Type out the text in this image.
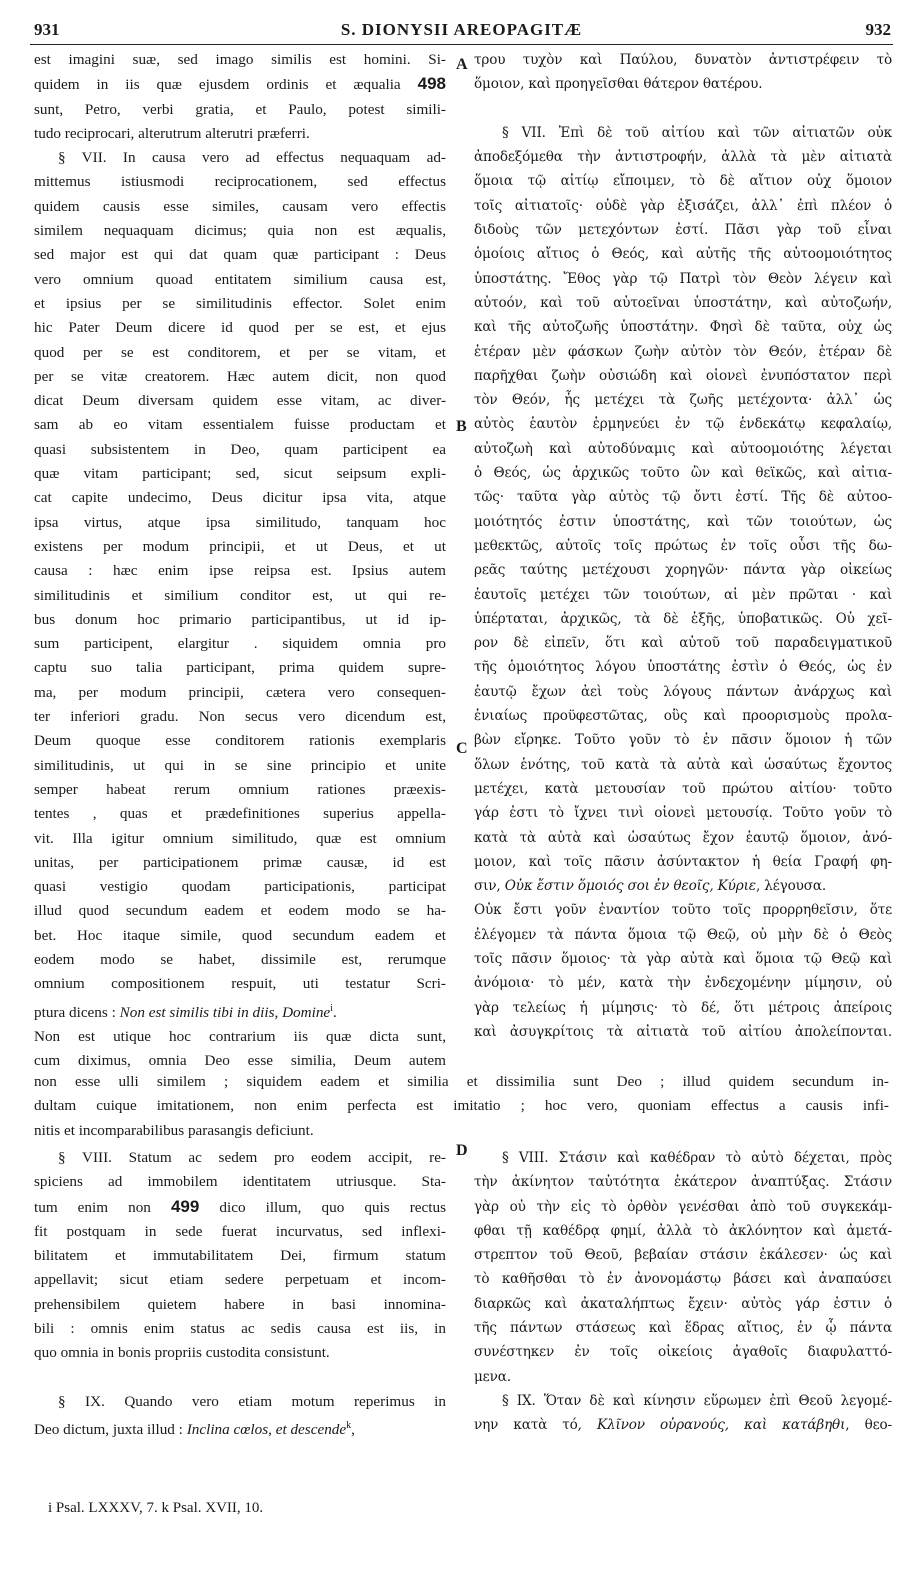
931	S. DIONYSII AREOPAGITÆ	932
A
B
C
D

est imagini suæ, sed imago similis est homini. Si-

quidem in iis quæ ejusdem ordinis et æqualia 498

sunt, Petro, verbi gratia, et Paulo, potest simili-

tudo reciprocari, alterutrum alterutri præferri.

§ VII. In causa vero ad effectus nequaquam ad-

mittemus istiusmodi reciprocationem, sed effectus

quidem causis esse similes, causam vero effectis

similem nequaquam dicimus; quia non est æqualis,

sed major est qui dat quam quæ participant : Deus

vero omnium quoad entitatem similium causa est,

et ipsius per se similitudinis effector. Solet enim

hic Pater Deum dicere id quod per se est, et ejus

quod per se est conditorem, et per se vitam, et

per se vitæ creatorem. Hæc autem dicit, non quod

dicat Deum diversam quidem esse vitam, ac diver-

sam ab eo vitam essentialem fuisse productam et

quasi subsistentem in Deo, quam participent ea

quæ vitam participant; sed, sicut seipsum expli-

cat capite undecimo, Deus dicitur ipsa vita, atque

ipsa virtus, atque ipsa similitudo, tanquam hoc

existens per modum principii, et ut Deus, et ut

causa : hæc enim ipse reipsa est. Ipsius autem

similitudinis et similium conditor est, ut qui re-

bus donum hoc primario participantibus, ut id ip-

sum participent, elargitur . siquidem omnia pro

captu suo talia participant, prima quidem supre-

ma, per modum principii, cætera vero consequen-

ter inferiori gradu. Non secus vero dicendum est,

Deum quoque esse conditorem rationis exemplaris

similitudinis, ut qui in se sine principio et unite

semper habeat rerum omnium rationes præexis-

tentes , quas et prædefinitiones superius appella-

vit. Illa igitur omnium similitudo, quæ est omnium

unitas, per participationem primæ causæ, id est

quasi vestigio quodam participationis, participat

illud quod secundum eadem et eodem modo se ha-

bet. Hoc itaque simile, quod secundum eadem et

eodem modo se habet, dissimile est, rerumque

omnium compositionem respuit, uti testatur Scri-

ptura dicens : Non est similis tibi in diis, Domine$^i$.

Non est utique hoc contrarium iis quæ dicta sunt,

cum diximus, omnia Deo esse similia, Deum autem

τρου τυχὸν καὶ Παύλου, δυνατὸν ἀντιστρέφειν τὸ

ὅμοιον, καὶ προηγεῖσθαι θάτερον θατέρου.

§ VII. Ἐπὶ δὲ τοῦ αἰτίου καὶ τῶν αἰτιατῶν οὐκ

ἀποδεξόμεθα τὴν ἀντιστροφήν, ἀλλὰ τὰ μὲν αἰτιατὰ

ὅμοια τῷ αἰτίῳ εἴποιμεν, τὸ δὲ αἴτιον οὐχ ὅμοιον

τοῖς αἰτιατοῖς· οὐδὲ γὰρ ἐξισάζει, ἀλλ᾽ ἐπὶ πλέον ὁ

διδοὺς τῶν μετεχόντων ἐστί. Πᾶσι γὰρ τοῦ εἶναι

ὁμοίοις αἴτιος ὁ Θεός, καὶ αὐτῆς τῆς αὐτοομοιότητος

ὑποστάτης. Ἔθος γὰρ τῷ Πατρὶ τὸν Θεὸν λέγειν καὶ

αὐτοόν, καὶ τοῦ αὐτοεῖναι ὑποστάτην, καὶ αὐτοζωήν,

καὶ τῆς αὐτοζωῆς ὑποστάτην. Φησὶ δὲ ταῦτα, οὐχ ὡς

ἑτέραν μὲν φάσκων ζωὴν αὐτὸν τὸν Θεόν, ἑτέραν δὲ

παρῆχθαι ζωὴν οὐσιώδη καὶ οἱονεὶ ἐνυπόστατον περὶ

τὸν Θεόν, ἧς μετέχει τὰ ζωῆς μετέχοντα· ἀλλ᾽ ὡς

αὐτὸς ἑαυτὸν ἑρμηνεύει ἐν τῷ ἑνδεκάτῳ κεφαλαίῳ,

αὐτοζωὴ καὶ αὐτοδύναμις καὶ αὐτοομοιότης λέγεται

ὁ Θεός, ὡς ἀρχικῶς τοῦτο ὢν καὶ θεϊκῶς, καὶ αἰτια-

τῶς· ταῦτα γὰρ αὐτὸς τῷ ὄντι ἐστί. Τῆς δὲ αὐτοο-

μοιότητός ἐστιν ὑποστάτης, καὶ τῶν τοιούτων, ὡς

μεθεκτῶς, αὐτοῖς τοῖς πρώτως ἐν τοῖς οὖσι τῆς δω-

ρεᾶς ταύτης μετέχουσι χορηγῶν· πάντα γὰρ οἰκείως

ἑαυτοῖς μετέχει τῶν τοιούτων, αἱ μὲν πρῶται · καὶ

ὑπέρταται, ἀρχικῶς, τὰ δὲ ἑξῆς, ὑποβατικῶς. Οὐ χεῖ-

ρον δὲ εἰπεῖν, ὅτι καὶ αὐτοῦ τοῦ παραδειγματικοῦ

τῆς ὁμοιότητος λόγου ὑποστάτης ἐστὶν ὁ Θεός, ὡς ἐν

ἑαυτῷ ἔχων ἀεὶ τοὺς λόγους πάντων ἀνάρχως καὶ

ἑνιαίως προϋφεστῶτας, οὓς καὶ προορισμοὺς προλα-

βὼν εἴρηκε. Τοῦτο γοῦν τὸ ἐν πᾶσιν ὅμοιον ἡ τῶν

ὅλων ἑνότης, τοῦ κατὰ τὰ αὐτὰ καὶ ὡσαύτως ἔχοντος

μετέχει, κατὰ μετουσίαν τοῦ πρώτου αἰτίου· τοῦτο

γάρ ἐστι τὸ ἴχνει τινὶ οἱονεὶ μετουσίᾳ. Τοῦτο γοῦν τὸ

κατὰ τὰ αὐτὰ καὶ ὡσαύτως ἔχον ἑαυτῷ ὅμοιον, ἀνό-

μοιον, καὶ τοῖς πᾶσιν ἀσύντακτον ἡ θεία Γραφή φη-

σιν, Οὐκ ἔστιν ὅμοιός σοι ἐν θεοῖς, Κύριε, λέγουσα.

Οὐκ ἔστι γοῦν ἐναντίον τοῦτο τοῖς προρρηθεῖσιν, ὅτε

ἐλέγομεν τὰ πάντα ὅμοια τῷ Θεῷ, οὐ μὴν δὲ ὁ Θεὸς

τοῖς πᾶσιν ὅμοιος· τὰ γὰρ αὐτὰ καὶ ὅμοια τῷ Θεῷ καὶ

ἀνόμοια· τὸ μέν, κατὰ τὴν ἐνδεχομένην μίμησιν, οὐ

γὰρ τελείως ἡ μίμησις· τὸ δέ, ὅτι μέτροις ἀπείροις

καὶ ἀσυγκρίτοις τὰ αἰτιατὰ τοῦ αἰτίου ἀπολείπονται.

non esse ulli similem ; siquidem eadem et similia et dissimilia sunt Deo ; illud quidem secundum in-
dultam cuique imitationem, non enim perfecta est imitatio ; hoc vero, quoniam effectus a causis infi-
nitis et incomparabilibus parasangis deficiunt.

§ VIII. Statum ac sedem pro eodem accipit, re-

spiciens ad immobilem identitatem utriusque. Sta-

tum enim non 499 dico illum, quo quis rectus

fit postquam in sede fuerat incurvatus, sed inflexi-

bilitatem et immutabilitatem Dei, firmum statum

appellavit; sicut etiam sedere perpetuam et incom-

prehensibilem quietem habere in basi innomina-

bili : omnis enim status ac sedis causa est iis, in

quo omnia in bonis propriis custodita consistunt.

§ IX. Quando vero etiam motum reperimus in

Deo dictum, juxta illud : Inclina cœlos, et descende$^k$,

§ VIII. Στάσιν καὶ καθέδραν τὸ αὐτὸ δέχεται, πρὸς

τὴν ἀκίνητον ταὐτότητα ἑκάτερον ἀναπτύξας. Στάσιν

γὰρ οὐ τὴν εἰς τὸ ὀρθὸν γενέσθαι ἀπὸ τοῦ συγκεκάμ-

φθαι τῇ καθέδρᾳ φημί, ἀλλὰ τὸ ἀκλόνητον καὶ ἀμετά-

στρεπτον τοῦ Θεοῦ, βεβαίαν στάσιν ἐκάλεσεν· ὡς καὶ

τὸ καθῆσθαι τὸ ἐν ἀνονομάστῳ βάσει καὶ ἀναπαύσει

διαρκῶς καὶ ἀκαταλήπτως ἔχειν· αὐτὸς γάρ ἐστιν ὁ

τῆς πάντων στάσεως καὶ ἕδρας αἴτιος, ἐν ᾧ πάντα

συνέστηκεν ἐν τοῖς οἰκείοις ἀγαθοῖς διαφυλαττό-

μενα.

§ IX. Ὅταν δὲ καὶ κίνησιν εὕρωμεν ἐπὶ Θεοῦ λεγομέ-

νην κατὰ τό, Κλῖνον οὐρανούς, καὶ κατάβηθι, θεο-

i Psal. LXXXV, 7. k Psal. XVII, 10.
